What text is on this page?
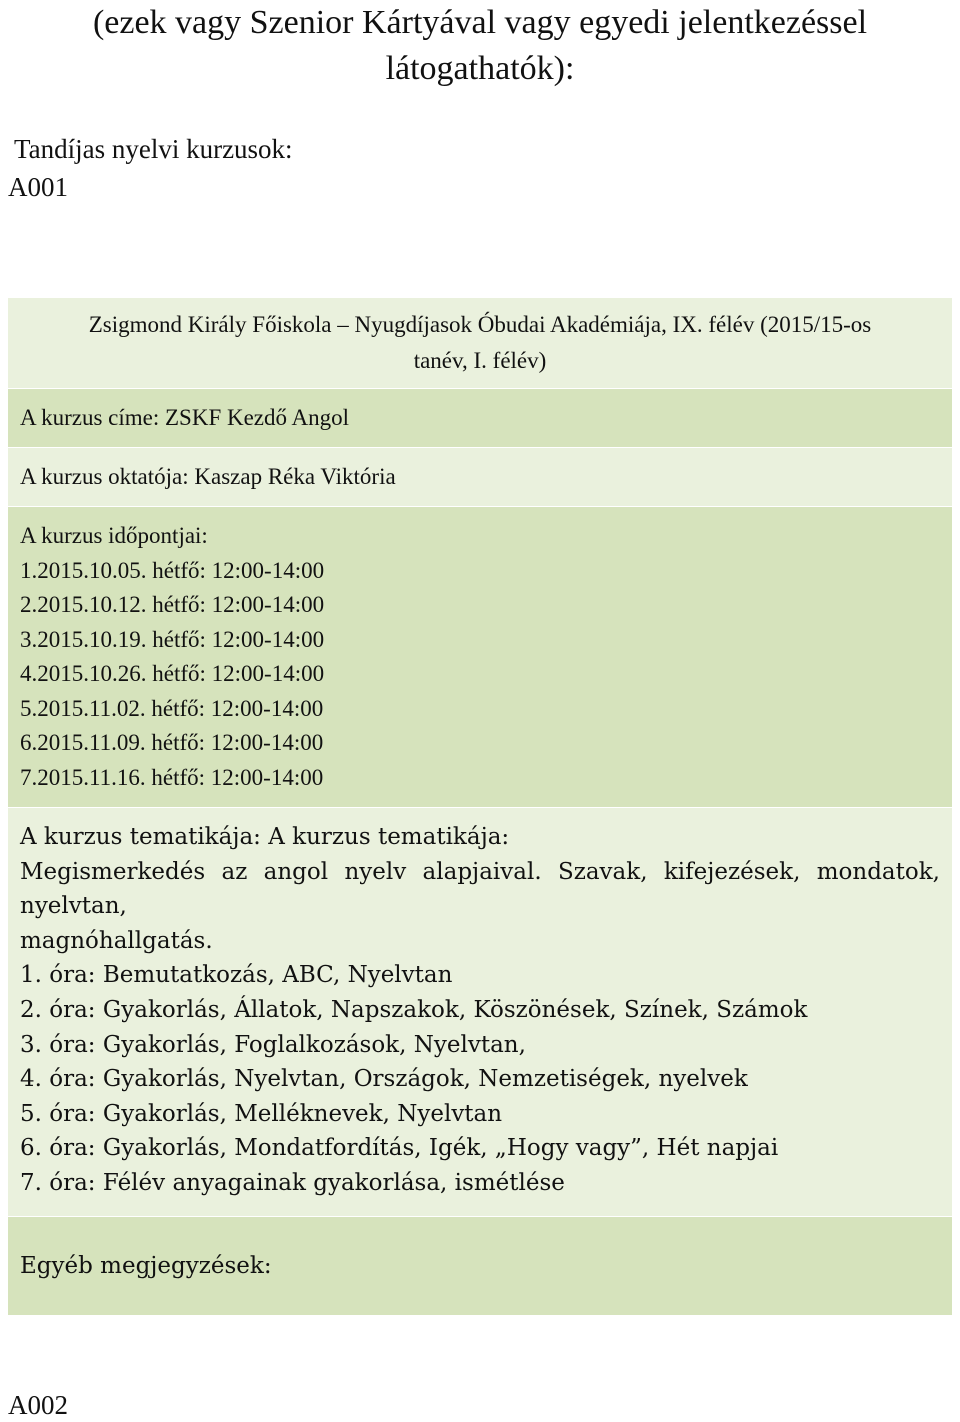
(ezek vagy Szenior Kártyával vagy egyedi jelentkezéssel
látogathatók):
Tandíjas nyelvi kurzusok:
A001
Zsigmond Király Főiskola – Nyugdíjasok Óbudai Akadémiája, IX. félév (2015/15-os
tanév, I. félév)

A kurzus címe: ZSKF Kezdő Angol
A kurzus oktatója: Kaszap Réka Viktória

A kurzus időpontjai:
1.2015.10.05. hétfő: 12:00-14:00
2.2015.10.12. hétfő: 12:00-14:00
3.2015.10.19. hétfő: 12:00-14:00
4.2015.10.26. hétfő: 12:00-14:00
5.2015.11.02. hétfő: 12:00-14:00
6.2015.11.09. hétfő: 12:00-14:00
7.2015.11.16. hétfő: 12:00-14:00

A kurzus tematikája: A kurzus tematikája:
Megismerkedés az angol nyelv alapjaival. Szavak, kifejezések, mondatok, nyelvtan,
magnóhallgatás.
1. óra: Bemutatkozás, ABC, Nyelvtan
2. óra: Gyakorlás, Állatok, Napszakok, Köszönések, Színek, Számok
3. óra: Gyakorlás, Foglalkozások, Nyelvtan,
4. óra: Gyakorlás, Nyelvtan, Országok, Nemzetiségek, nyelvek
5. óra: Gyakorlás, Melléknevek, Nyelvtan
6. óra: Gyakorlás, Mondatfordítás, Igék, „Hogy vagy”, Hét napjai
7. óra: Félév anyagainak gyakorlása, ismétlése

Egyéb megjegyzések:
A002
